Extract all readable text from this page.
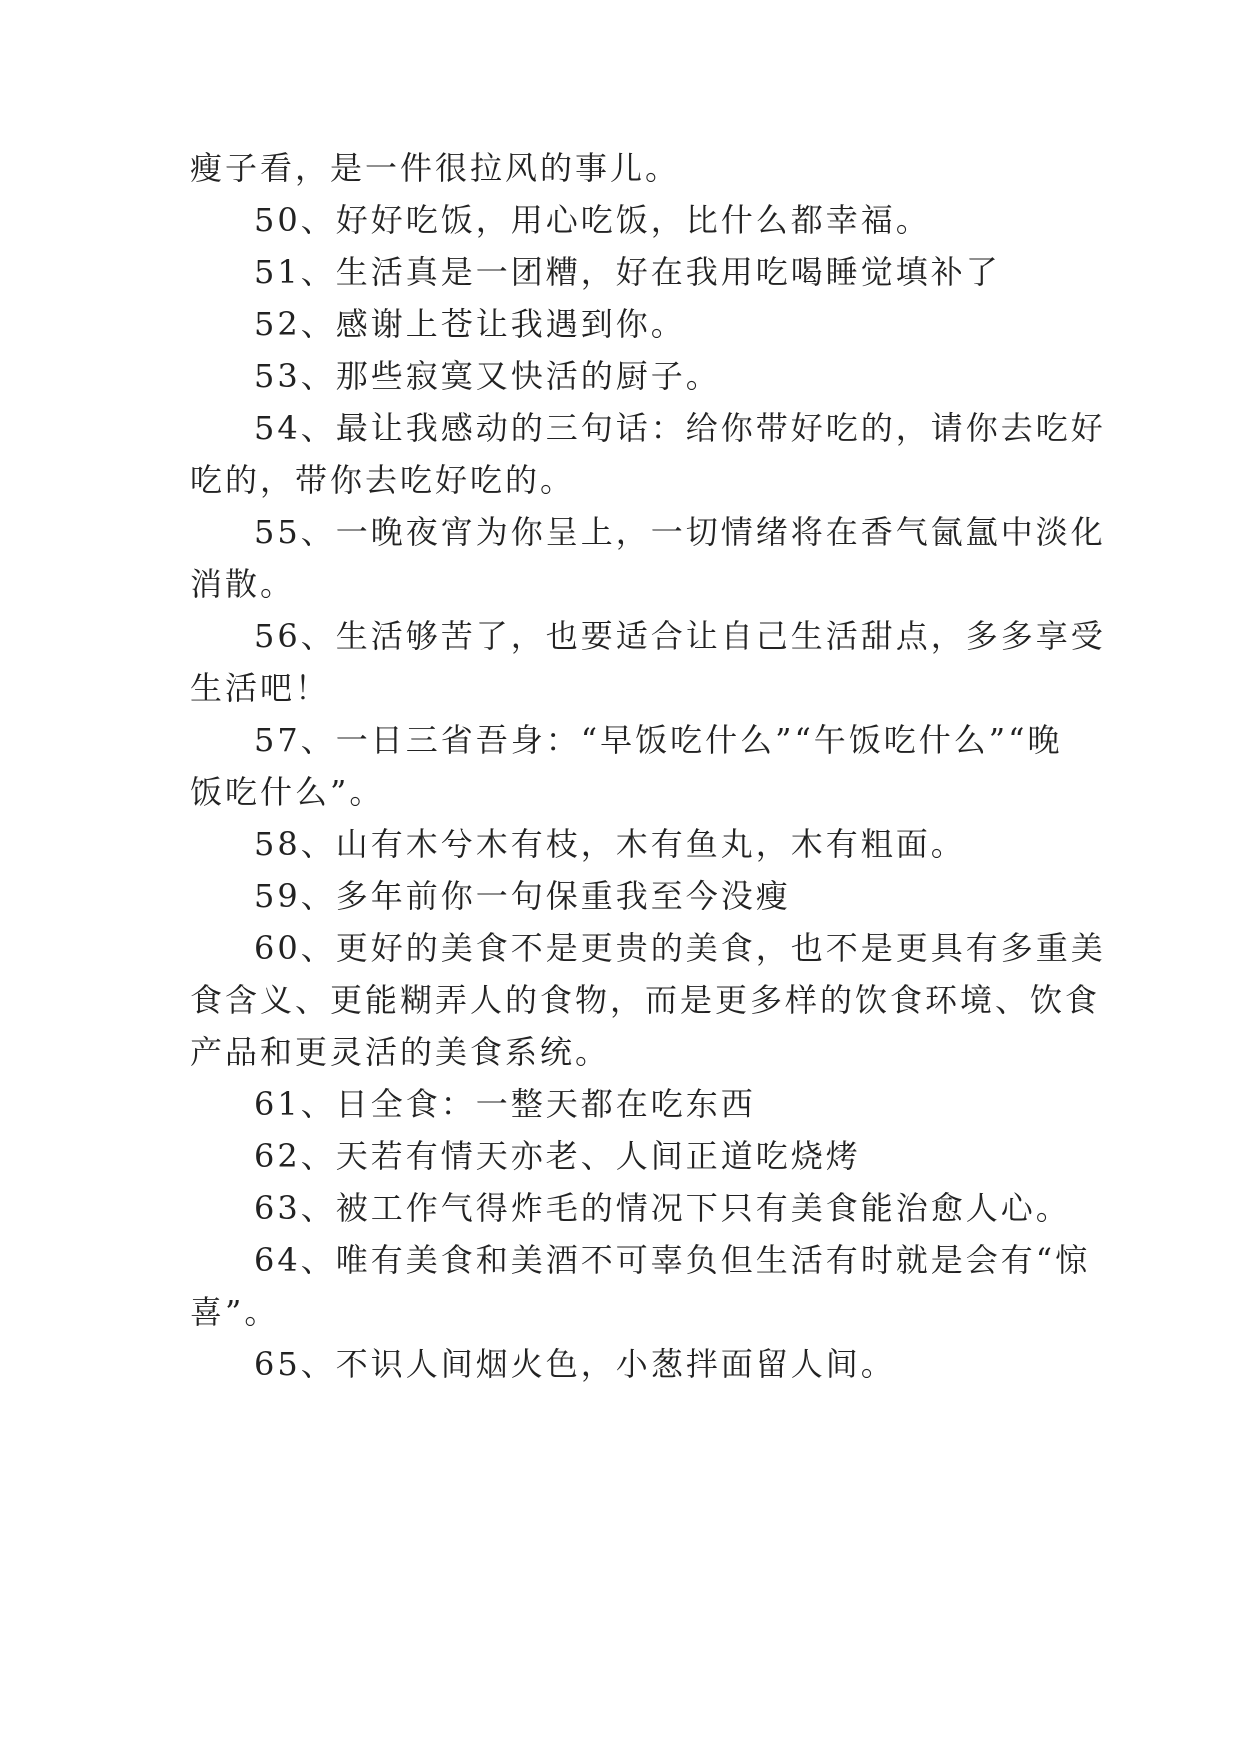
瘦子看，是一件很拉风的事儿。
50、好好吃饭，用心吃饭，比什么都幸福。
51、生活真是一团糟，好在我用吃喝睡觉填补了
52、感谢上苍让我遇到你。
53、那些寂寞又快活的厨子。
54、最让我感动的三句话：给你带好吃的，请你去吃好
吃的，带你去吃好吃的。
55、一晚夜宵为你呈上，一切情绪将在香气氤氲中淡化
消散。
56、生活够苦了，也要适合让自己生活甜点，多多享受
生活吧！
57、一日三省吾身：“早饭吃什么”“午饭吃什么”“晚
饭吃什么”。
58、山有木兮木有枝，木有鱼丸，木有粗面。
59、多年前你一句保重我至今没瘦
60、更好的美食不是更贵的美食，也不是更具有多重美
食含义、更能糊弄人的食物，而是更多样的饮食环境、饮食
产品和更灵活的美食系统。
61、日全食：一整天都在吃东西
62、天若有情天亦老、人间正道吃烧烤
63、被工作气得炸毛的情况下只有美食能治愈人心。
64、唯有美食和美酒不可辜负但生活有时就是会有“惊
喜”。
65、不识人间烟火色，小葱拌面留人间。
